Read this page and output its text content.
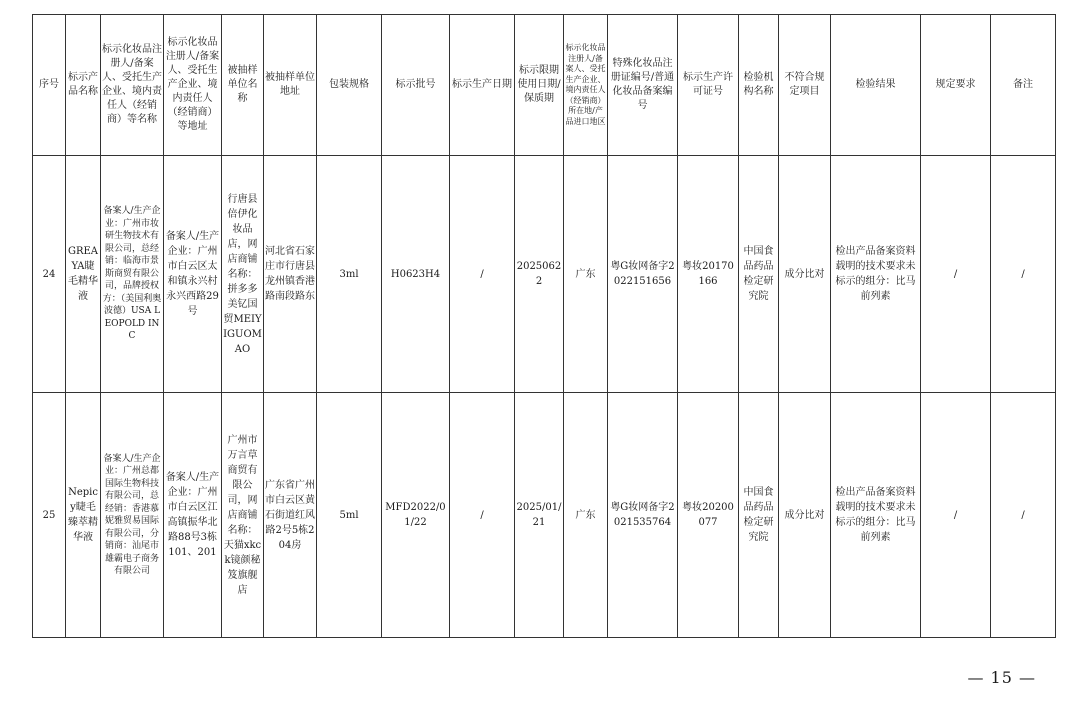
序号	标示产品名称	标示化妆品注册人/备案人、受托生产企业、境内责任人（经销商）等名称	标示化妆品注册人/备案人、受托生产企业、境内责任人（经销商）等地址	被抽样单位名称	被抽样单位地址	包装规格	标示批号	标示生产日期	标示限期使用日期/保质期	标示化妆品注册人/备案人、受托生产企业、境内责任人（经销商）所在地/产品进口地区	特殊化妆品注册证编号/普通化妆品备案编号	标示生产许可证号	检验机构名称	不符合规定项目	检验结果	规定要求	备注
24	GREAYA睫毛精华液	备案人/生产企业：广州市妆研生物技术有限公司，总经销：临海市景斯商贸有限公司，品牌授权方：（美国利奥波德）USA LEOPOLD INC	备案人/生产企业：广州市白云区太和镇永兴村永兴西路29号	行唐县倍伊化妆品店，网店商铺名称：拼多多美钇国贸MEIYIGUOMAO	河北省石家庄市行唐县龙州镇香港路南段路东	3ml	H0623H4	/	20250622	广东	粤G妆网备字2022151656	粤妆20170166	中国食品药品检定研究院	成分比对	检出产品备案资料载明的技术要求未标示的组分：比马前列素	/	/
25	Nepicy睫毛臻萃精华液	备案人/生产企业：广州总都国际生物科技有限公司，总经销：香港慕妮雅贸易国际有限公司，分销商：汕尾市雄霸电子商务有限公司	备案人/生产企业：广州市白云区江高镇振华北路88号3栋101、201	广州市万言草商贸有限公司，网店商铺名称：天猫xkck镜颜秘笈旗舰店	广东省广州市白云区黄石街道红风路2号5栋204房	5ml	MFD2022/01/22	/	2025/01/21	广东	粤G妆网备字2021535764	粤妆20200077	中国食品药品检定研究院	成分比对	检出产品备案资料载明的技术要求未标示的组分：比马前列素	/	/
— 15 —
